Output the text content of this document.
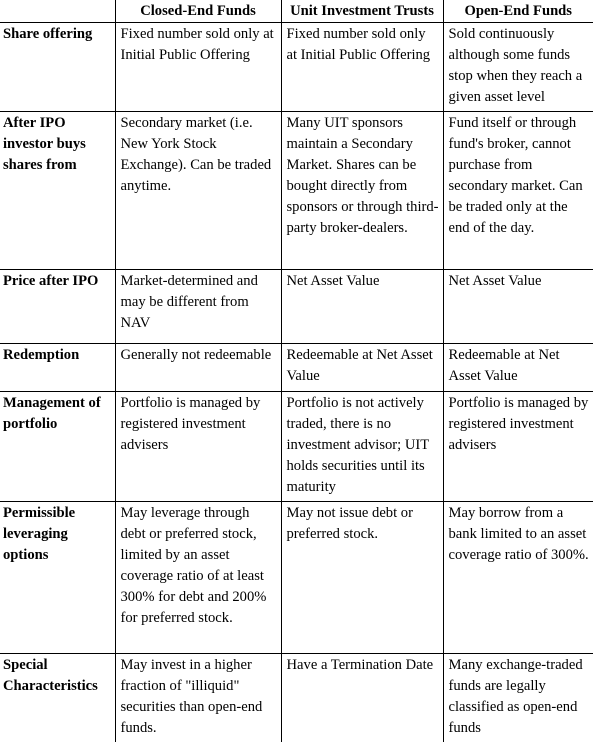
	Closed-End Funds	Unit Investment Trusts	Open-End Funds
Share offering	Fixed number sold only at Initial Public Offering	Fixed number sold only at Initial Public Offering	Sold continuously although some funds stop when they reach a given asset level
After IPO investor buys shares from	Secondary market (i.e. New York Stock Exchange). Can be traded anytime.	Many UIT sponsors maintain a Secondary Market. Shares can be bought directly from sponsors or through third-party broker-dealers.	Fund itself or through fund's broker, cannot purchase from secondary market. Can be traded only at the end of the day.
Price after IPO	Market-determined and may be different from NAV	Net Asset Value	Net Asset Value
Redemption	Generally not redeemable	Redeemable at Net Asset Value	Redeemable at Net Asset Value
Management of portfolio	Portfolio is managed by registered investment advisers	Portfolio is not actively traded, there is no investment advisor; UIT holds securities until its maturity	Portfolio is managed by registered investment advisers
Permissible leveraging options	May leverage through debt or preferred stock, limited by an asset coverage ratio of at least 300% for debt and 200% for preferred stock.	May not issue debt or preferred stock.	May borrow from a bank limited to an asset coverage ratio of 300%.
Special Characteristics	May invest in a higher fraction of "illiquid" securities than open-end funds.	Have a Termination Date	Many exchange-traded funds are legally classified as open-end funds
